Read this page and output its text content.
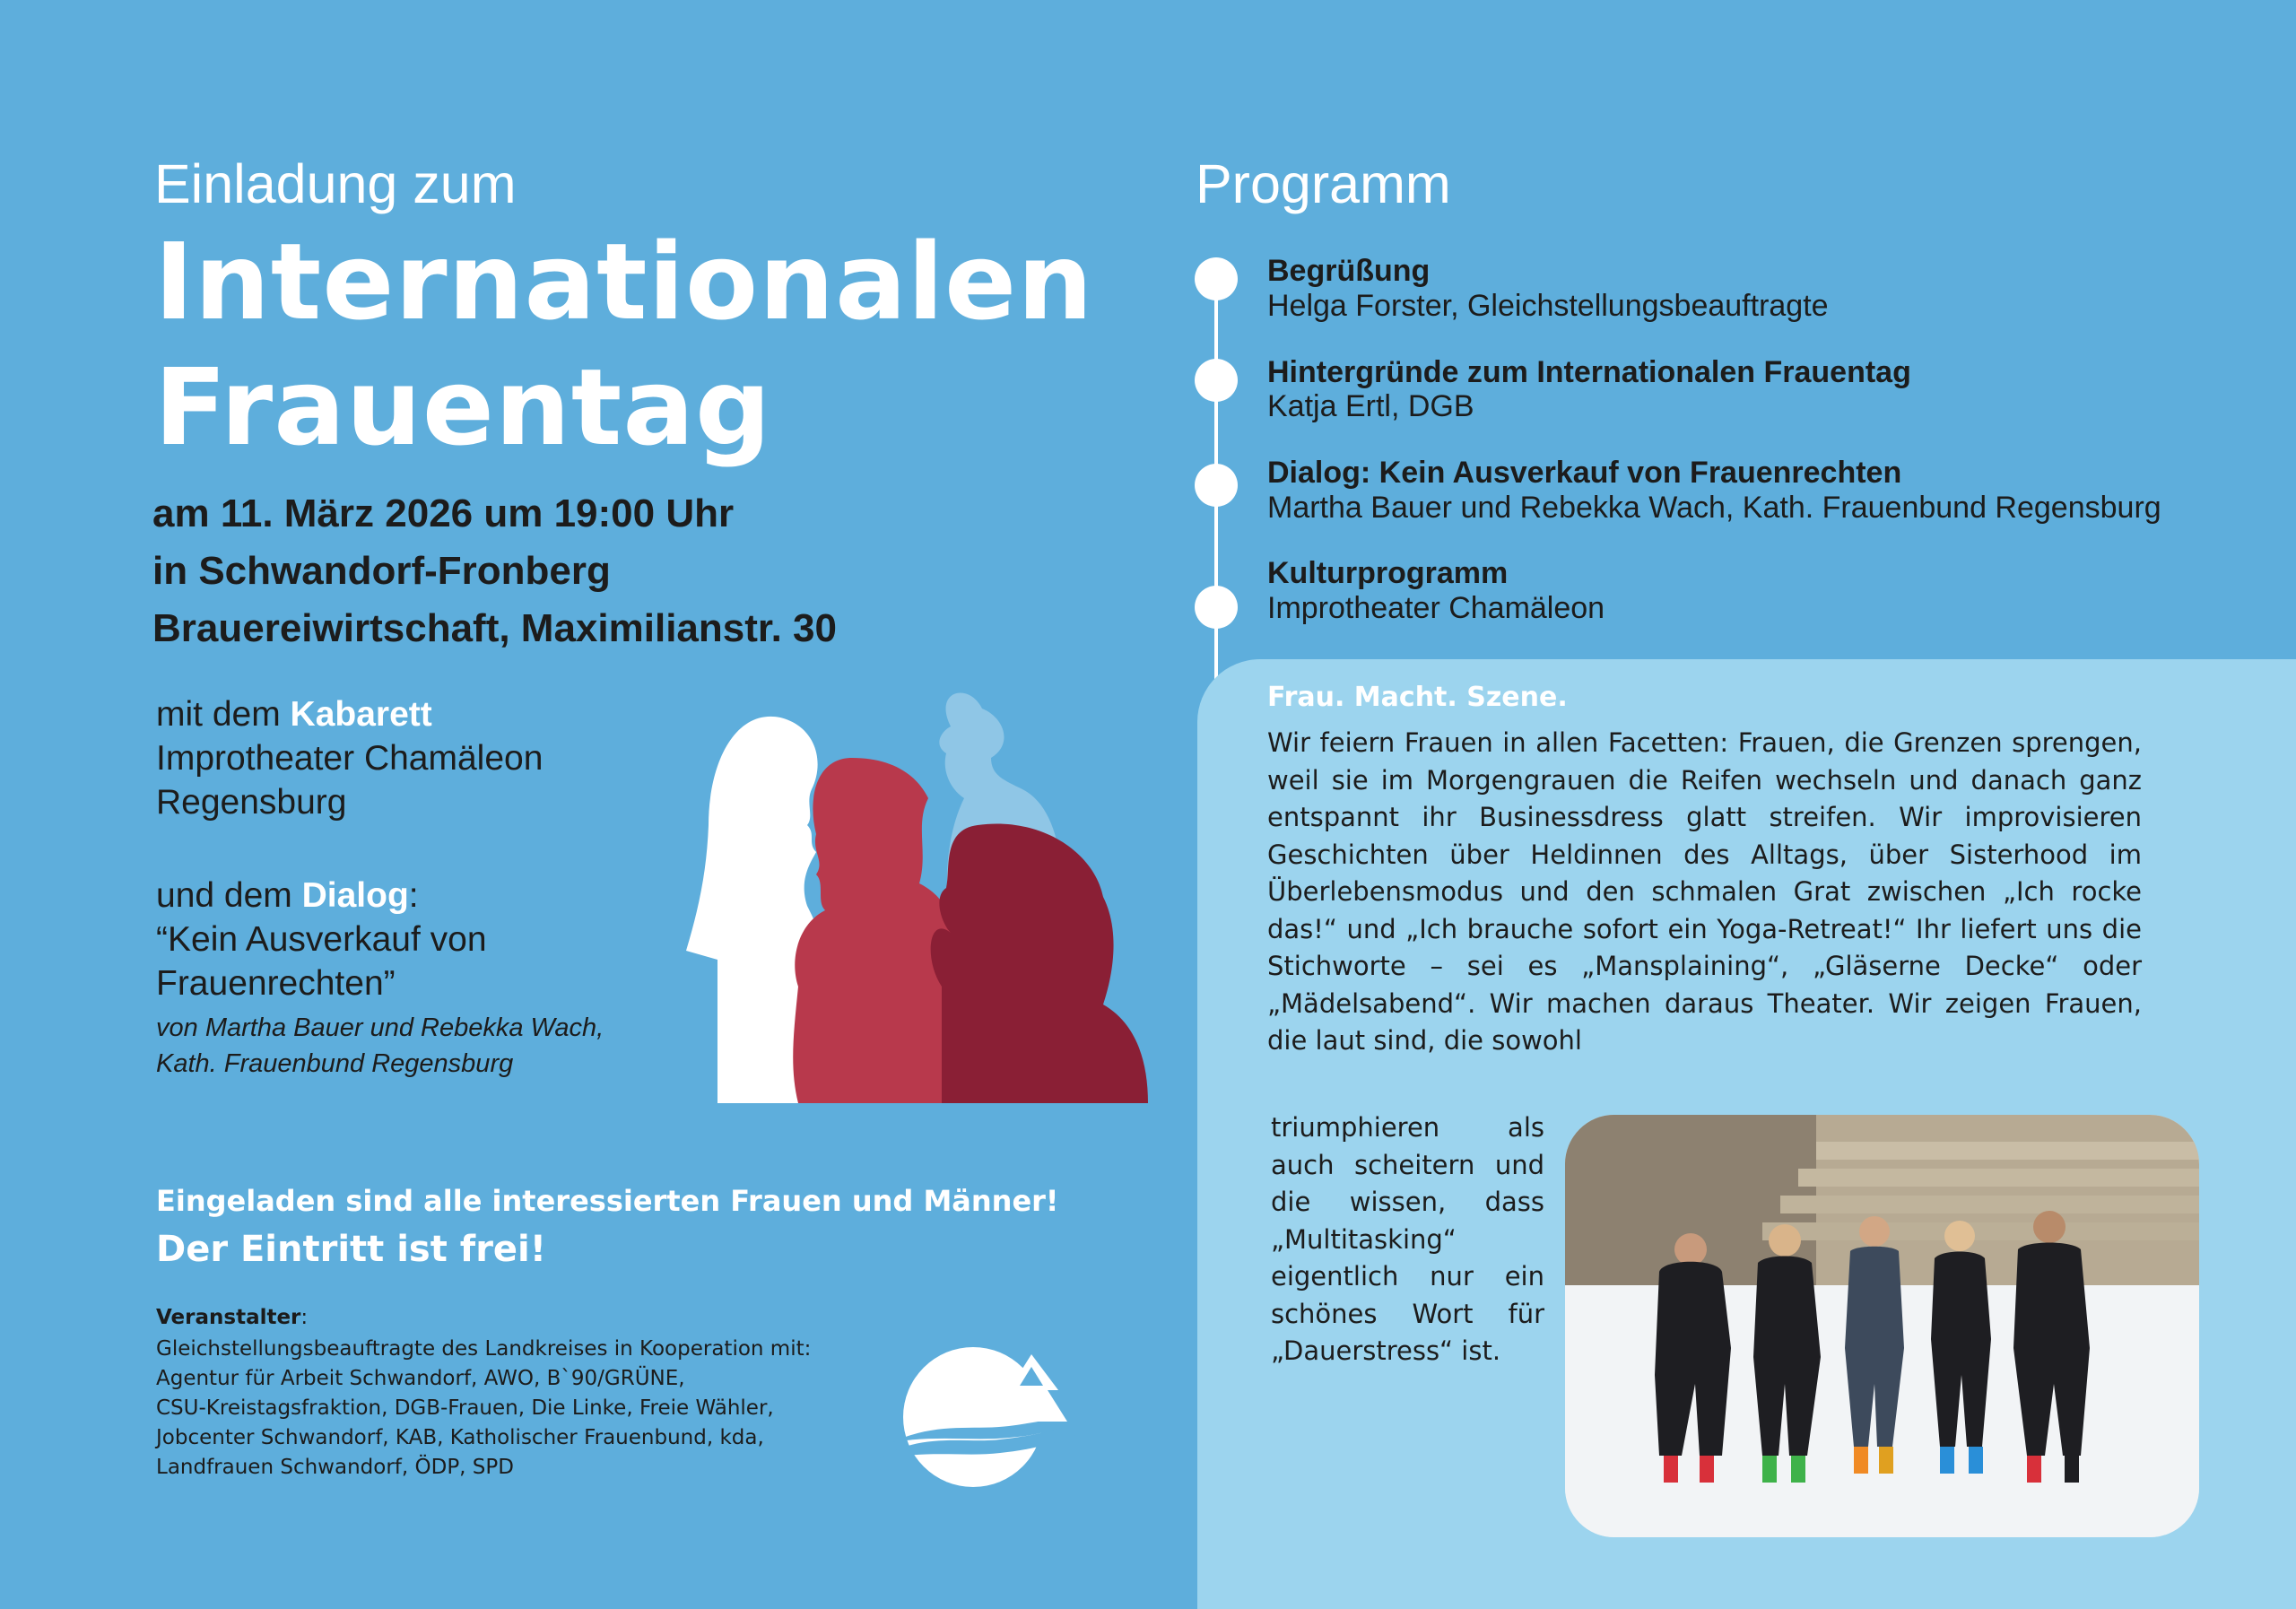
Einladung zum
Internationalen
Frauentag
am 11. März 2026 um 19:00 Uhr
in Schwandorf-Fronberg
Brauereiwirtschaft, Maximilianstr. 30
mit dem Kabarett
Improtheater Chamäleon
Regensburg
und dem Dialog:
“Kein Ausverkauf von
Frauenrechten”
von Martha Bauer und Rebekka Wach,
Kath. Frauenbund Regensburg
Eingeladen sind alle interessierten Frauen und Männer!
Der Eintritt ist frei!
Veranstalter:
Gleichstellungsbeauftragte des Landkreises in Kooperation mit:
Agentur für Arbeit Schwandorf, AWO, B`90/GRÜNE,
CSU-Kreistagsfraktion, DGB-Frauen, Die Linke, Freie Wähler,
Jobcenter Schwandorf, KAB, Katholischer Frauenbund, kda,
Landfrauen Schwandorf, ÖDP, SPD
Programm
Begrüßung
Helga Forster, Gleichstellungsbeauftragte
Hintergründe zum Internationalen Frauentag
Katja Ertl, DGB
Dialog: Kein Ausverkauf von Frauenrechten
Martha Bauer und Rebekka Wach, Kath. Frauenbund Regensburg
Kulturprogramm
Improtheater Chamäleon
Frau. Macht. Szene.
Wir feiern Frauen in allen Facetten: Frauen, die Grenzen sprengen, weil sie im Morgengrauen die Reifen wechseln und danach ganz entspannt ihr Businessdress glatt streifen. Wir improvisieren Geschichten über Heldinnen des Alltags, über Sisterhood im Überlebensmodus und den schmalen Grat zwischen „Ich rocke das!“ und „Ich brauche sofort ein Yoga-Retreat!“ Ihr liefert uns die Stichworte – sei es „Mansplaining“, „Gläserne Decke“ oder „Mädelsabend“. Wir machen daraus Theater. Wir zeigen Frauen, die laut sind, die sowohl
triumphieren als auch scheitern und die wissen, dass „Multitasking“ eigentlich nur ein schönes Wort für „Dauerstress“ ist.
